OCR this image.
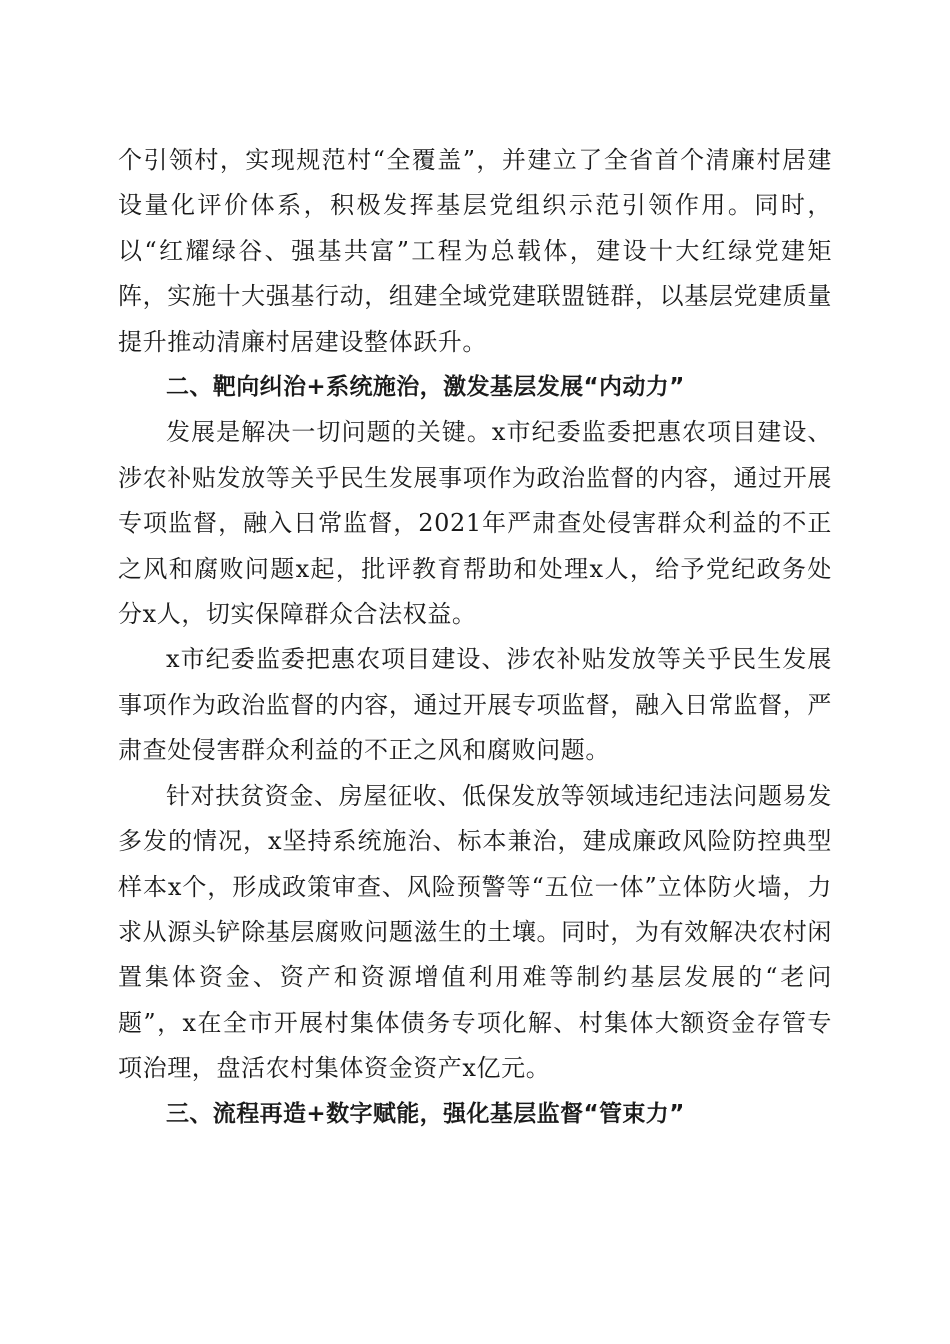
个引领村，实现规范村“全覆盖”，并建立了全省首个清廉村居建设量化评价体系，积极发挥基层党组织示范引领作用。同时，以“红耀绿谷、强基共富”工程为总载体，建设十大红绿党建矩阵，实施十大强基行动，组建全域党建联盟链群，以基层党建质量提升推动清廉村居建设整体跃升。

二、靶向纠治+系统施治，激发基层发展“内动力”

发展是解决一切问题的关键。x市纪委监委把惠农项目建设、涉农补贴发放等关乎民生发展事项作为政治监督的内容，通过开展专项监督，融入日常监督，2021年严肃查处侵害群众利益的不正之风和腐败问题x起，批评教育帮助和处理x人，给予党纪政务处分x人，切实保障群众合法权益。

x市纪委监委把惠农项目建设、涉农补贴发放等关乎民生发展事项作为政治监督的内容，通过开展专项监督，融入日常监督，严肃查处侵害群众利益的不正之风和腐败问题。

针对扶贫资金、房屋征收、低保发放等领域违纪违法问题易发多发的情况，x坚持系统施治、标本兼治，建成廉政风险防控典型样本x个，形成政策审查、风险预警等“五位一体”立体防火墙，力求从源头铲除基层腐败问题滋生的土壤。同时，为有效解决农村闲置集体资金、资产和资源增值利用难等制约基层发展的“老问题”，x在全市开展村集体债务专项化解、村集体大额资金存管专项治理，盘活农村集体资金资产x亿元。

三、流程再造+数字赋能，强化基层监督“管束力”
